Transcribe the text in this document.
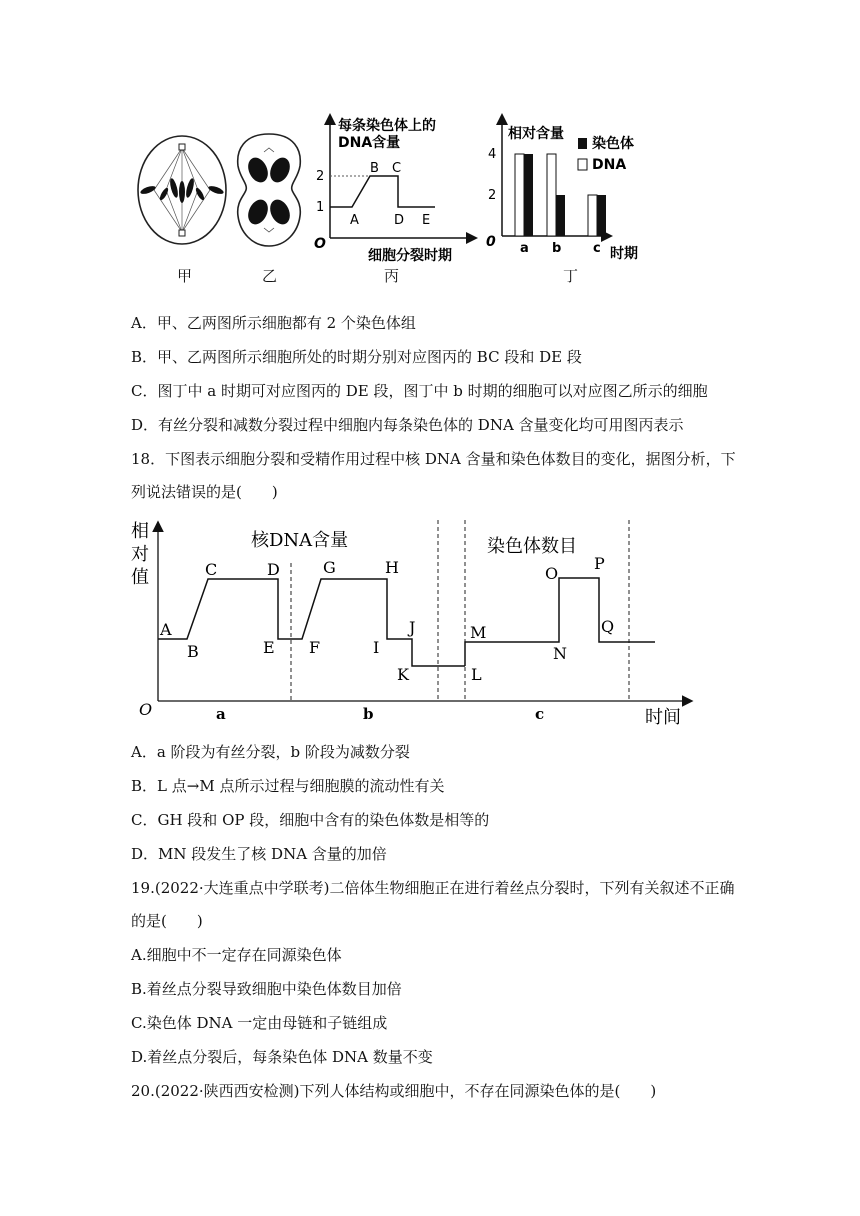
每条染色体上的
DNA含量
O
1
2
A
B C
D E
细胞分裂时期
相对含量
0
4
2
a b c 时期
染色体
DNA
甲	乙	丙	丁
A．甲、乙两图所示细胞都有 2 个染色体组
B．甲、乙两图所示细胞所处的时期分别对应图丙的 BC 段和 DE 段
C．图丁中 a 时期可对应图丙的 DE 段，图丁中 b 时期的细胞可以对应图乙所示的细胞
D．有丝分裂和减数分裂过程中细胞内每条染色体的 DNA 含量变化均可用图丙表示
18．下图表示细胞分裂和受精作用过程中核 DNA 含量和染色体数目的变化，据图分析，下
列说法错误的是(　　)
相
对
值
O
核DNA含量	染色体数目
A
B
C	D
E F
G	H
I
J
K	L
M
N
O
P
Q
a	b	c	时间
A．a 阶段为有丝分裂，b 阶段为减数分裂
B．L 点→M 点所示过程与细胞膜的流动性有关
C．GH 段和 OP 段，细胞中含有的染色体数是相等的
D．MN 段发生了核 DNA 含量的加倍
19.(2022·大连重点中学联考)二倍体生物细胞正在进行着丝点分裂时，下列有关叙述不正确
的是(　　)
A.细胞中不一定存在同源染色体
B.着丝点分裂导致细胞中染色体数目加倍
C.染色体 DNA 一定由母链和子链组成
D.着丝点分裂后，每条染色体 DNA 数量不变
20.(2022·陕西西安检测)下列人体结构或细胞中，不存在同源染色体的是(　　)
